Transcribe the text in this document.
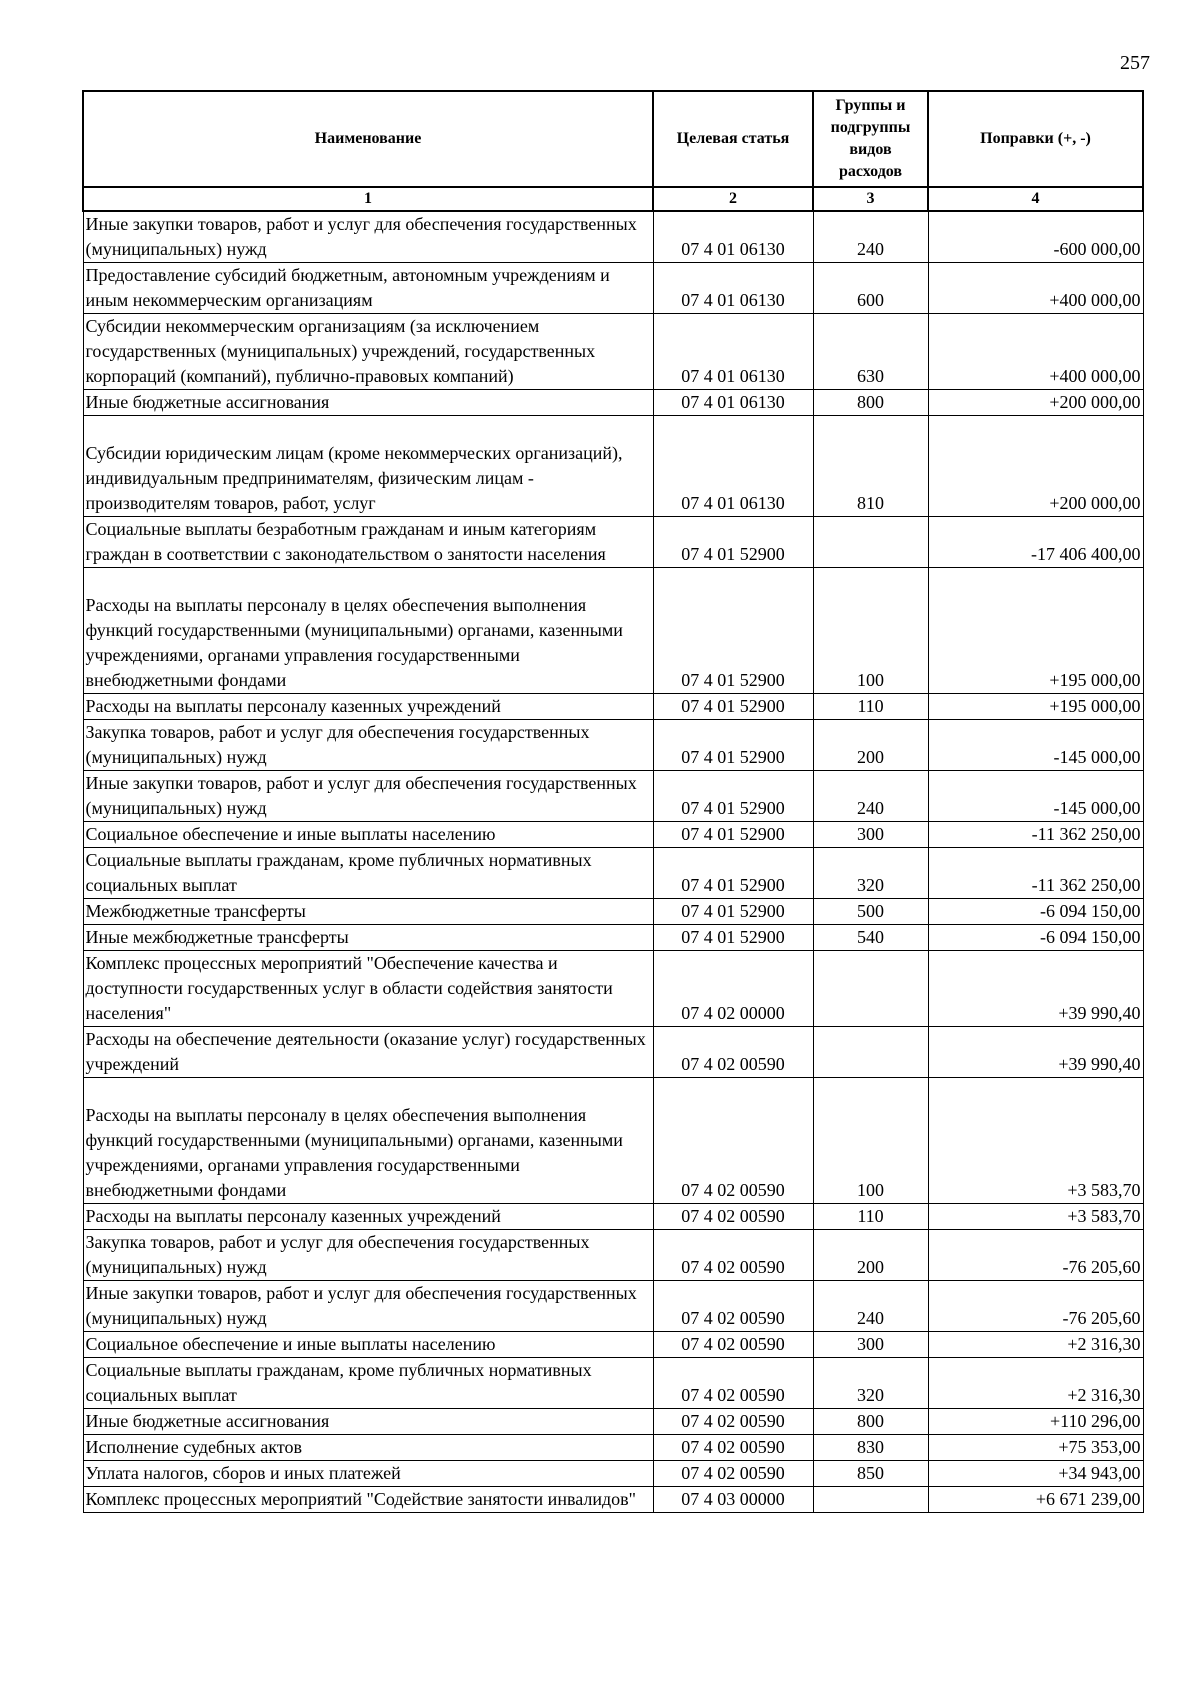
257
Наименование	Целевая статья	Группы и подгруппы видов расходов	Поправки (+, -)
1	2	3	4
Иные закупки товаров, работ и услуг для обеспечения государственных (муниципальных) нужд	07 4 01 06130	240	-600 000,00
Предоставление субсидий бюджетным, автономным учреждениям и иным некоммерческим организациям	07 4 01 06130	600	+400 000,00
Субсидии некоммерческим организациям (за исключением государственных (муниципальных) учреждений, государственных корпораций (компаний), публично-правовых компаний)	07 4 01 06130	630	+400 000,00
Иные бюджетные ассигнования	07 4 01 06130	800	+200 000,00
Субсидии юридическим лицам (кроме некоммерческих организаций), индивидуальным предпринимателям, физическим лицам - производителям товаров, работ, услуг	07 4 01 06130	810	+200 000,00
Социальные выплаты безработным гражданам и иным категориям граждан в соответствии с законодательством о занятости населения	07 4 01 52900		-17 406 400,00
Расходы на выплаты персоналу в целях обеспечения выполнения функций государственными (муниципальными) органами, казенными учреждениями, органами управления государственными внебюджетными фондами	07 4 01 52900	100	+195 000,00
Расходы на выплаты персоналу казенных учреждений	07 4 01 52900	110	+195 000,00
Закупка товаров, работ и услуг для обеспечения государственных (муниципальных) нужд	07 4 01 52900	200	-145 000,00
Иные закупки товаров, работ и услуг для обеспечения государственных (муниципальных) нужд	07 4 01 52900	240	-145 000,00
Социальное обеспечение и иные выплаты населению	07 4 01 52900	300	-11 362 250,00
Социальные выплаты гражданам, кроме публичных нормативных социальных выплат	07 4 01 52900	320	-11 362 250,00
Межбюджетные трансферты	07 4 01 52900	500	-6 094 150,00
Иные межбюджетные трансферты	07 4 01 52900	540	-6 094 150,00
Комплекс процессных мероприятий "Обеспечение качества и доступности государственных услуг в области содействия занятости населения"	07 4 02 00000		+39 990,40
Расходы на обеспечение деятельности (оказание услуг) государственных учреждений	07 4 02 00590		+39 990,40
Расходы на выплаты персоналу в целях обеспечения выполнения функций государственными (муниципальными) органами, казенными учреждениями, органами управления государственными внебюджетными фондами	07 4 02 00590	100	+3 583,70
Расходы на выплаты персоналу казенных учреждений	07 4 02 00590	110	+3 583,70
Закупка товаров, работ и услуг для обеспечения государственных (муниципальных) нужд	07 4 02 00590	200	-76 205,60
Иные закупки товаров, работ и услуг для обеспечения государственных (муниципальных) нужд	07 4 02 00590	240	-76 205,60
Социальное обеспечение и иные выплаты населению	07 4 02 00590	300	+2 316,30
Социальные выплаты гражданам, кроме публичных нормативных социальных выплат	07 4 02 00590	320	+2 316,30
Иные бюджетные ассигнования	07 4 02 00590	800	+110 296,00
Исполнение судебных актов	07 4 02 00590	830	+75 353,00
Уплата налогов, сборов и иных платежей	07 4 02 00590	850	+34 943,00
Комплекс процессных мероприятий "Содействие занятости инвалидов"	07 4 03 00000		+6 671 239,00
